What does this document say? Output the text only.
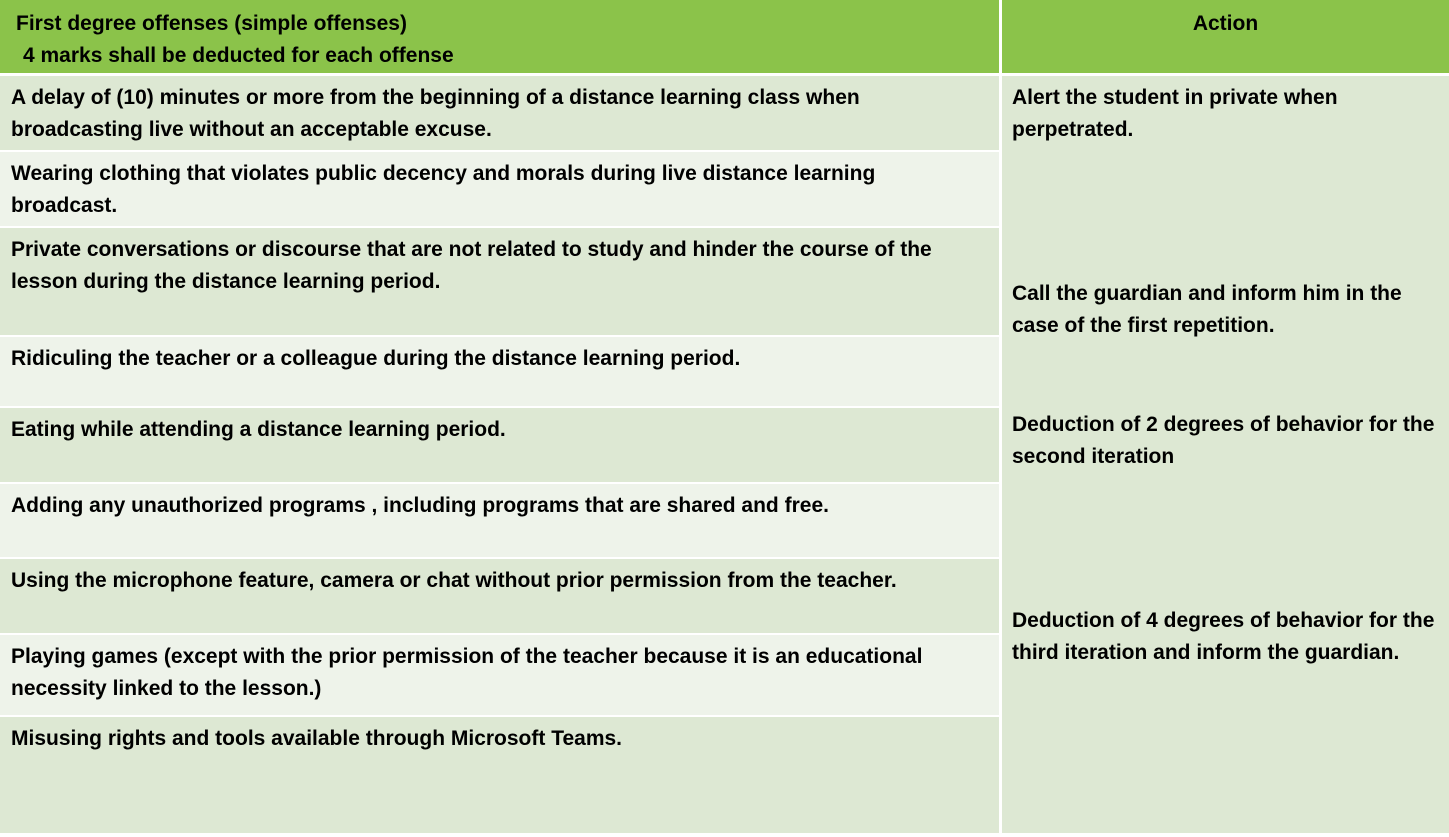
First degree offenses (simple offenses)
4 marks shall be deducted for each offense
Action
A delay of (10) minutes or more from the beginning of a distance learning class when broadcasting live without an acceptable excuse.
Wearing clothing that violates public decency and morals during live distance learning broadcast.
Private conversations or discourse that are not related to study and hinder the course of the lesson during the distance learning period.
Ridiculing the teacher or a colleague during the distance learning period.
Eating while attending a distance learning period.
Adding any unauthorized programs , including programs that are shared and free.
Using the microphone feature, camera or chat without prior permission from the teacher.
Playing games (except with the prior permission of the teacher because it is an educational necessity linked to the lesson.)
Misusing rights and tools available through Microsoft Teams.
Alert the student in private when perpetrated.
Call the guardian and inform him in the case of the first repetition.
Deduction of 2 degrees of behavior for the second iteration
Deduction of 4 degrees of behavior for the third iteration and inform the guardian.
